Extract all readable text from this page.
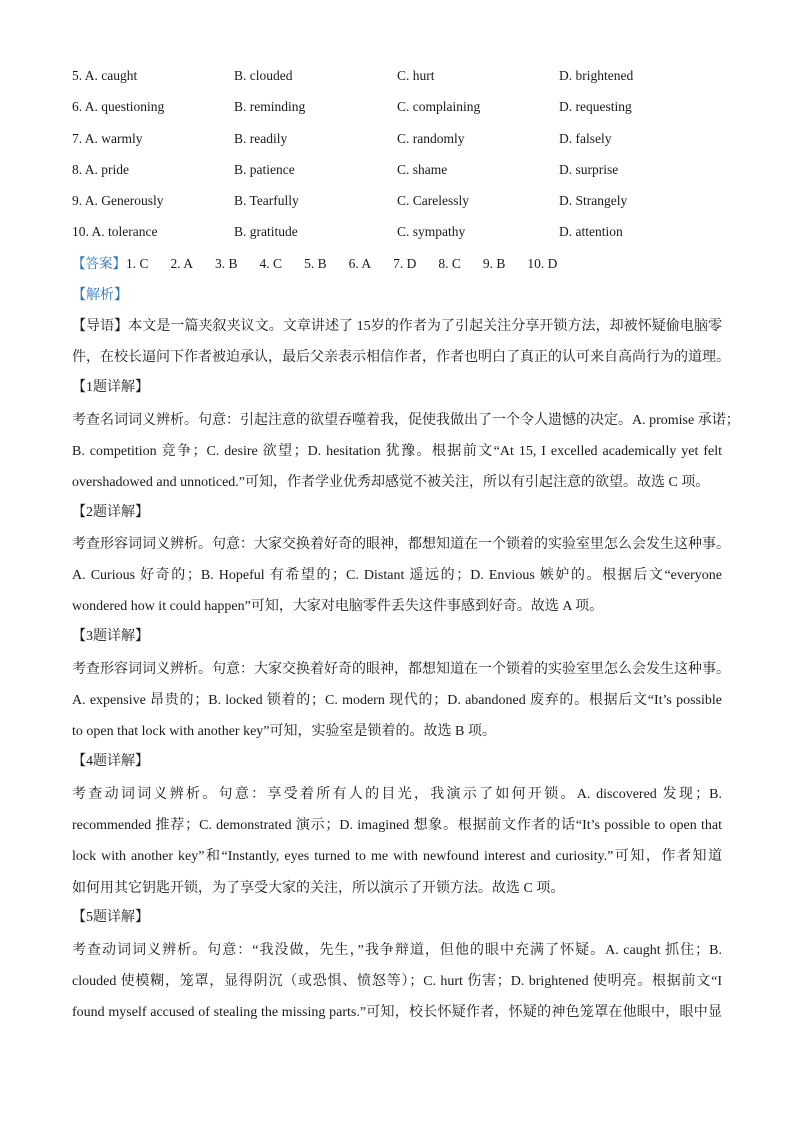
5. A. caught	B. clouded	C. hurt	D. brightened
6. A. questioning	B. reminding	C. complaining	D. requesting
7. A. warmly	B. readily	C. randomly	D. falsely
8. A. pride	B. patience	C. shame	D. surprise
9. A. Generously	B. Tearfully	C. Carelessly	D. Strangely
10. A. tolerance	B. gratitude	C. sympathy	D. attention
【答案】1. C 2. A 3. B 4. C 5. B 6. A 7. D 8. C 9. B 10. D
【解析】
【导语】本文是一篇夹叙夹议文。文章讲述了 15岁的作者为了引起关注分享开锁方法，却被怀疑偷电脑零
件，在校长逼问下作者被迫承认，最后父亲表示相信作者，作者也明白了真正的认可来自高尚行为的道理。
【1题详解】
考查名词词义辨析。句意：引起注意的欲望吞噬着我，促使我做出了一个令人遗憾的决定。A. promise 承诺；
B. competition 竞争；C. desire 欲望；D. hesitation 犹豫。根据前文“At 15, I excelled academically yet felt
overshadowed and unnoticed.”可知，作者学业优秀却感觉不被关注，所以有引起注意的欲望。故选 C 项。
【2题详解】
考查形容词词义辨析。句意：大家交换着好奇的眼神，都想知道在一个锁着的实验室里怎么会发生这种事。
A. Curious 好奇的；B. Hopeful 有希望的；C. Distant 遥远的；D. Envious 嫉妒的。根据后文“everyone
wondered how it could happen”可知，大家对电脑零件丢失这件事感到好奇。故选 A 项。
【3题详解】
考查形容词词义辨析。句意：大家交换着好奇的眼神，都想知道在一个锁着的实验室里怎么会发生这种事。
A. expensive 昂贵的；B. locked 锁着的；C. modern 现代的；D. abandoned 废弃的。根据后文“It’s possible
to open that lock with another key”可知，实验室是锁着的。故选 B 项。
【4题详解】
考查动词词义辨析。句意：享受着所有人的目光，我演示了如何开锁。A. discovered 发现；B.
recommended 推荐；C. demonstrated 演示；D. imagined 想象。根据前文作者的话“It’s possible to open that
lock with another key”和“Instantly, eyes turned to me with newfound interest and curiosity.”可知，作者知道
如何用其它钥匙开锁，为了享受大家的关注，所以演示了开锁方法。故选 C 项。
【5题详解】
考查动词词义辨析。句意：“我没做，先生，”我争辩道，但他的眼中充满了怀疑。A. caught 抓住；B.
clouded 使模糊，笼罩，显得阴沉（或恐惧、愤怒等）；C. hurt 伤害；D. brightened 使明亮。根据前文“I
found myself accused of stealing the missing parts.”可知，校长怀疑作者，怀疑的神色笼罩在他眼中，眼中显
